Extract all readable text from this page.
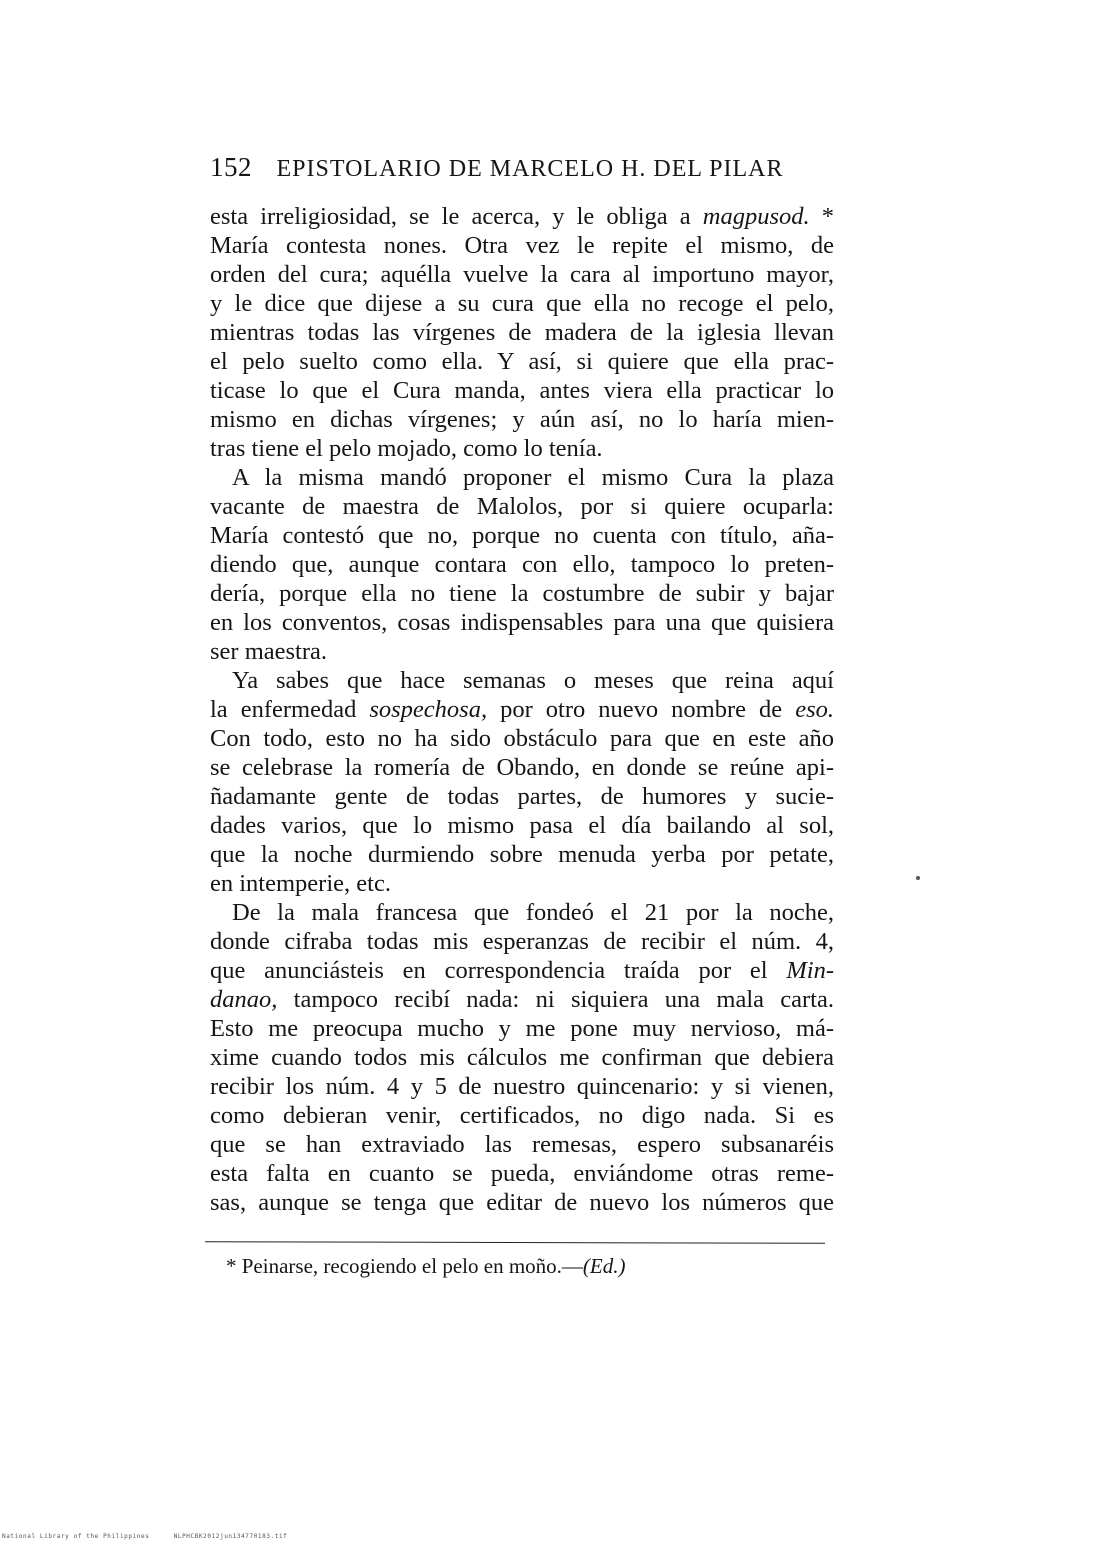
152 EPISTOLARIO DE MARCELO H. DEL PILAR
esta irreligiosidad, se le acerca, y le obliga a magpusod. *
María contesta nones. Otra vez le repite el mismo, de
orden del cura; aquélla vuelve la cara al importuno mayor,
y le dice que dijese a su cura que ella no recoge el pelo,
mientras todas las vírgenes de madera de la iglesia llevan
el pelo suelto como ella. Y así, si quiere que ella prac-
ticase lo que el Cura manda, antes viera ella practicar lo
mismo en dichas vírgenes; y aún así, no lo haría mien-
tras tiene el pelo mojado, como lo tenía.
A la misma mandó proponer el mismo Cura la plaza
vacante de maestra de Malolos, por si quiere ocuparla:
María contestó que no, porque no cuenta con título, aña-
diendo que, aunque contara con ello, tampoco lo preten-
dería, porque ella no tiene la costumbre de subir y bajar
en los conventos, cosas indispensables para una que quisiera
ser maestra.
Ya sabes que hace semanas o meses que reina aquí
la enfermedad sospechosa, por otro nuevo nombre de eso.
Con todo, esto no ha sido obstáculo para que en este año
se celebrase la romería de Obando, en donde se reúne api-
ñadamante gente de todas partes, de humores y sucie-
dades varios, que lo mismo pasa el día bailando al sol,
que la noche durmiendo sobre menuda yerba por petate,
en intemperie, etc.
De la mala francesa que fondeó el 21 por la noche,
donde cifraba todas mis esperanzas de recibir el núm. 4,
que anunciásteis en correspondencia traída por el Min-
danao, tampoco recibí nada: ni siquiera una mala carta.
Esto me preocupa mucho y me pone muy nervioso, má-
xime cuando todos mis cálculos me confirman que debiera
recibir los núm. 4 y 5 de nuestro quincenario: y si vienen,
como debieran venir, certificados, no digo nada. Si es
que se han extraviado las remesas, espero subsanaréis
esta falta en cuanto se pueda, enviándome otras reme-
sas, aunque se tenga que editar de nuevo los números que
* Peinarse, recogiendo el pelo en moño.—(Ed.)
National Library of the Philippines	NLPHCBK2012jun134770183.tif
